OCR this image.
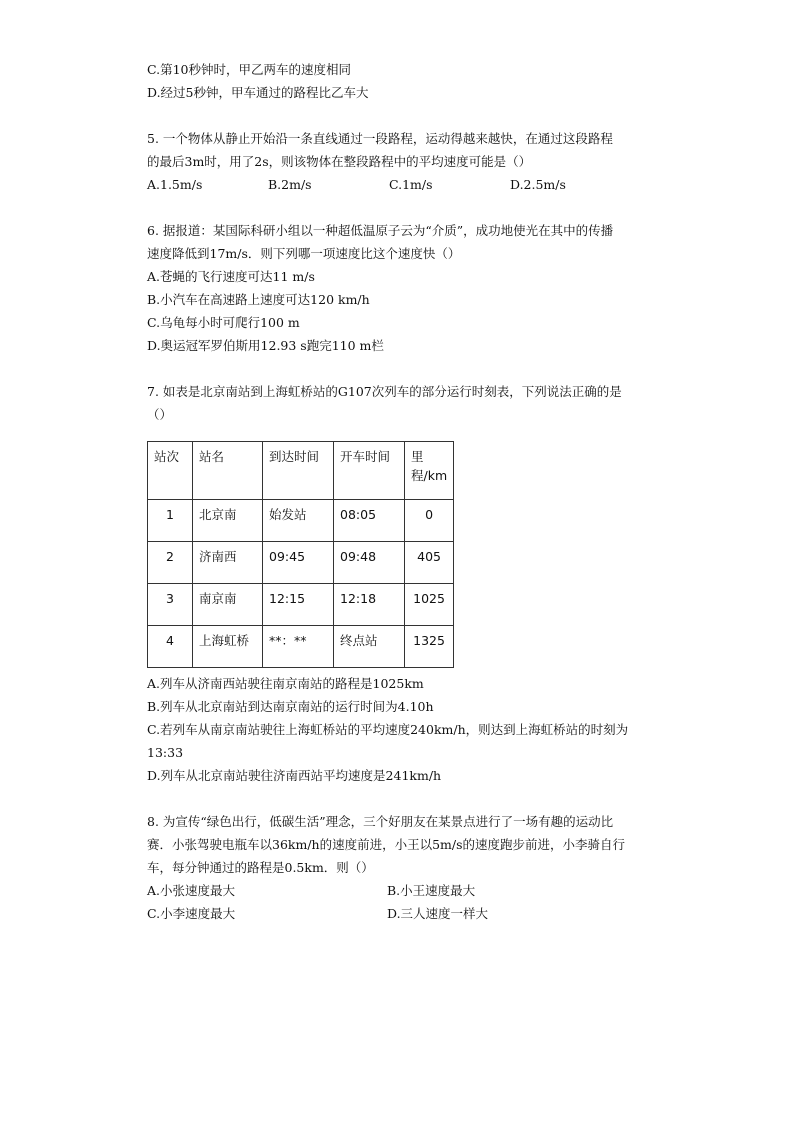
C.第10秒钟时，甲乙两车的速度相同
D.经过5秒钟，甲车通过的路程比乙车大
5. 一个物体从静止开始沿一条直线通过一段路程，运动得越来越快，在通过这段路程
的最后3m时，用了2s，则该物体在整段路程中的平均速度可能是（）
A.1.5m/s	B.2m/s	C.1m/s	D.2.5m/s
6. 据报道：某国际科研小组以一种超低温原子云为“介质”，成功地使光在其中的传播
速度降低到17m/s．则下列哪一项速度比这个速度快（）
A.苍蝇的飞行速度可达11 m/s
B.小汽车在高速路上速度可达120 km/h
C.乌龟每小时可爬行100 m
D.奥运冠军罗伯斯用12.93 s跑完110 m栏
7. 如表是北京南站到上海虹桥站的G107次列车的部分运行时刻表，下列说法正确的是
（）
站次	站名	到达时间	开车时间	里程/km
1	北京南	始发站	08:05	0
2	济南西	09:45	09:48	405
3	南京南	12:15	12:18	1025
4	上海虹桥	**：**	终点站	1325
A.列车从济南西站驶往南京南站的路程是1025km
B.列车从北京南站到达南京南站的运行时间为4.10h
C.若列车从南京南站驶往上海虹桥站的平均速度240km/h，则达到上海虹桥站的时刻为
13:33
D.列车从北京南站驶往济南西站平均速度是241km/h
8. 为宣传“绿色出行，低碳生活”理念，三个好朋友在某景点进行了一场有趣的运动比
赛．小张驾驶电瓶车以36km/h的速度前进，小王以5m/s的速度跑步前进，小李骑自行
车，每分钟通过的路程是0.5km．则（）
A.小张速度最大	B.小王速度最大
C.小李速度最大	D.三人速度一样大
